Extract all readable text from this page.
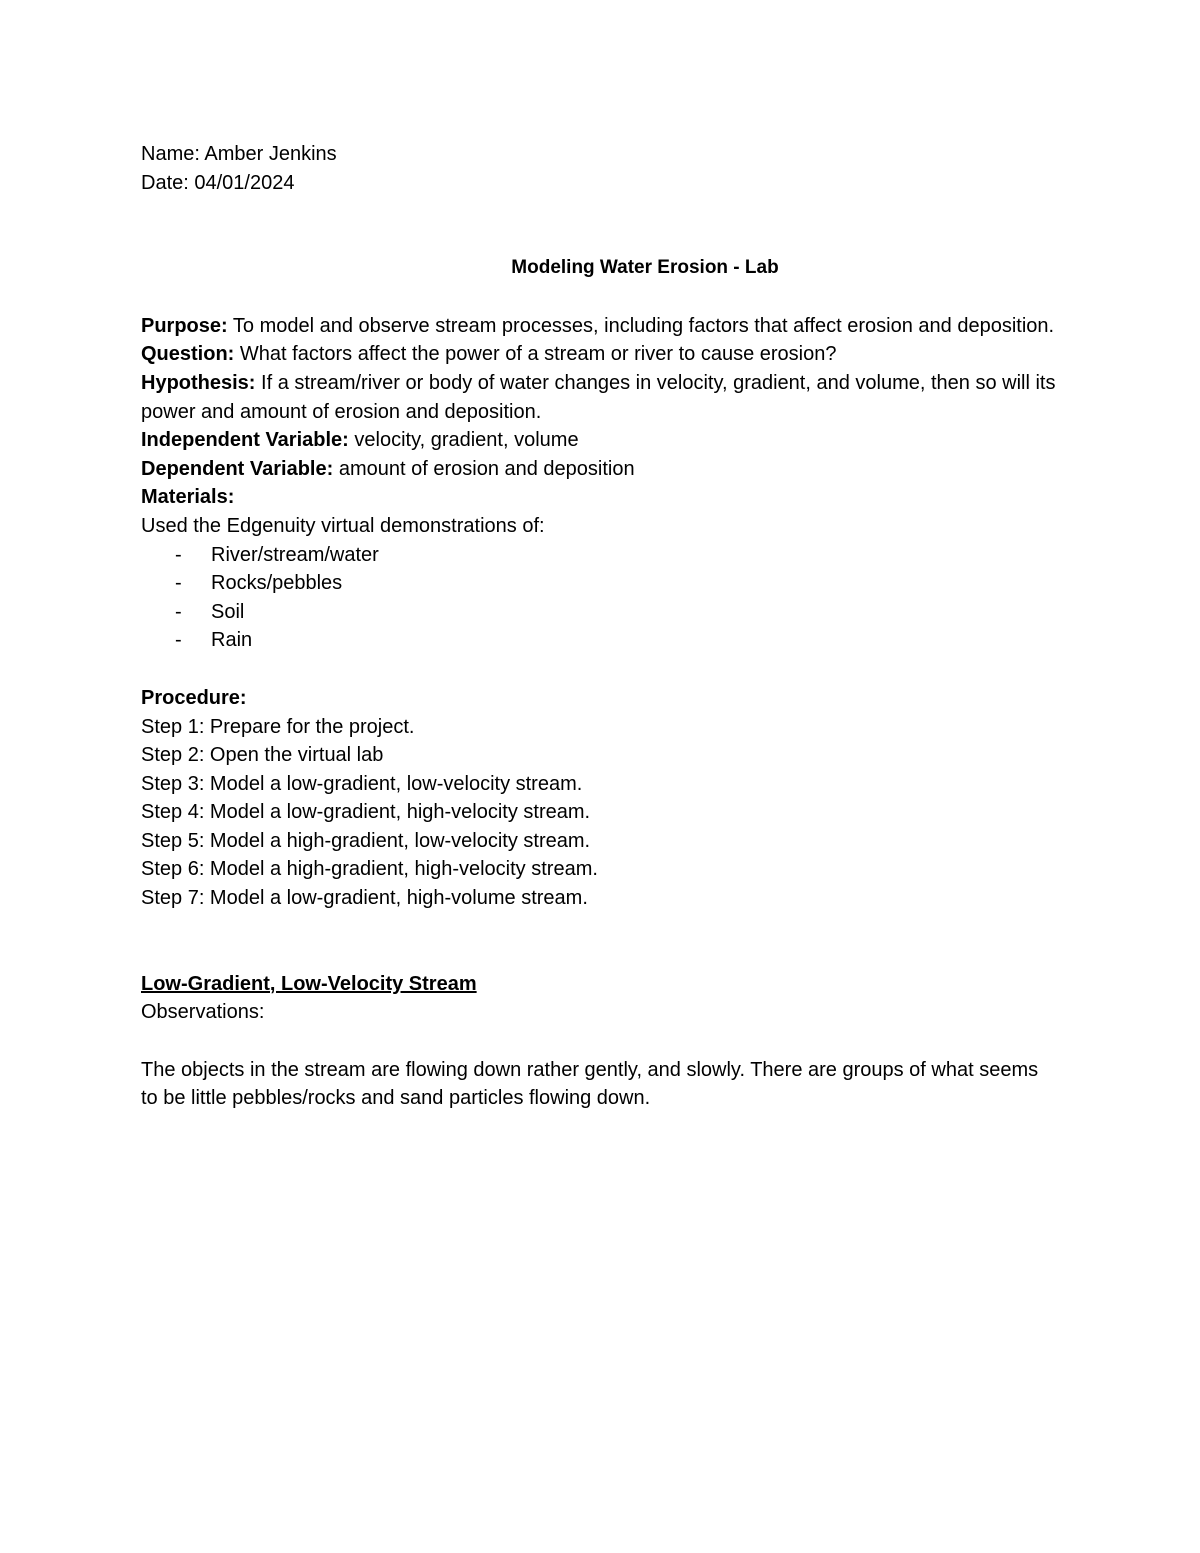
Name: Amber Jenkins
Date: 04/01/2024
Modeling Water Erosion - Lab
Purpose: To model and observe stream processes, including factors that affect erosion and deposition.
Question: What factors affect the power of a stream or river to cause erosion?
Hypothesis: If a stream/river or body of water changes in velocity, gradient, and volume, then so will its power and amount of erosion and deposition.
Independent Variable: velocity, gradient, volume
Dependent Variable: amount of erosion and deposition
Materials:
Used the Edgenuity virtual demonstrations of:
- River/stream/water
- Rocks/pebbles
- Soil
- Rain
Procedure:
Step 1: Prepare for the project.
Step 2: Open the virtual lab
Step 3: Model a low-gradient, low-velocity stream.
Step 4: Model a low-gradient, high-velocity stream.
Step 5: Model a high-gradient, low-velocity stream.
Step 6: Model a high-gradient, high-velocity stream.
Step 7: Model a low-gradient, high-volume stream.
Low-Gradient, Low-Velocity Stream
Observations:
The objects in the stream are flowing down rather gently, and slowly. There are groups of what seems to be little pebbles/rocks and sand particles flowing down.
